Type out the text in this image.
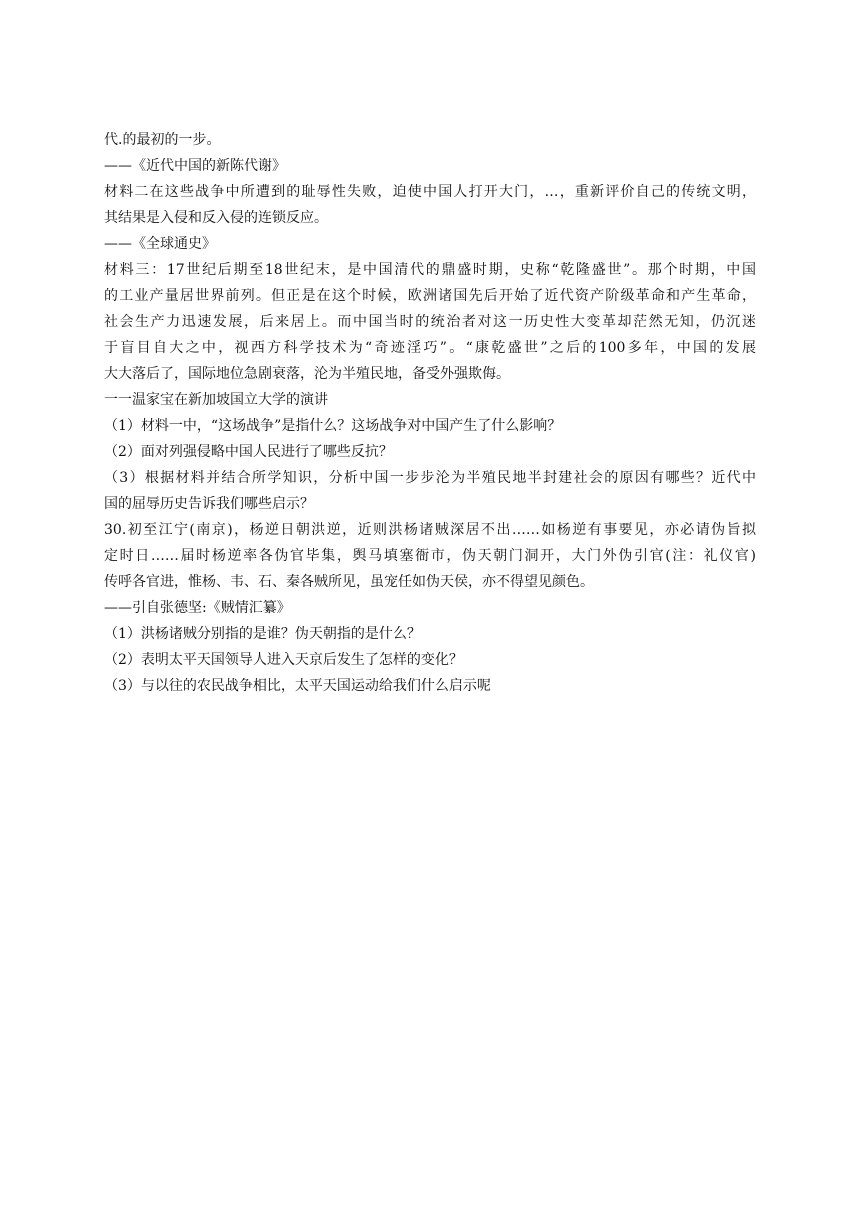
代.的最初的一步。
——《近代中国的新陈代谢》
材料二在这些战争中所遭到的耻辱性失败，迫使中国人打开大门，…，重新评价自己的传统文明，
其结果是入侵和反入侵的连锁反应。
——《全球通史》
材料三：17世纪后期至18世纪末，是中国清代的鼎盛时期，史称“乾隆盛世”。那个时期，中国
的工业产量居世界前列。但正是在这个时候，欧洲诸国先后开始了近代资产阶级革命和产生革命，
社会生产力迅速发展，后来居上。而中国当时的统治者对这一历史性大变革却茫然无知，仍沉迷
于盲目自大之中，视西方科学技术为“奇迹淫巧”。“康乾盛世”之后的100多年，中国的发展
大大落后了，国际地位急剧衰落，沦为半殖民地，备受外强欺侮。
一一温家宝在新加坡国立大学的演讲
（1）材料一中，“这场战争”是指什么？这场战争对中国产生了什么影响？
（2）面对列强侵略中国人民进行了哪些反抗？
（3）根据材料并结合所学知识，分析中国一步步沦为半殖民地半封建社会的原因有哪些？近代中
国的屈辱历史告诉我们哪些启示？
30.初至江宁(南京)，杨逆日朝洪逆，近则洪杨诸贼深居不出……如杨逆有事要见，亦必请伪旨拟
定时日……届时杨逆率各伪官毕集，舆马填塞衙市，伪天朝门洞开，大门外伪引官(注：礼仪官)
传呼各官进，惟杨、韦、石、秦各贼所见，虽宠任如伪天侯，亦不得望见颜色。
——引自张德坚:《贼情汇纂》
（1）洪杨诸贼分别指的是谁？伪天朝指的是什么？
（2）表明太平天国领导人进入天京后发生了怎样的变化？
（3）与以往的农民战争相比，太平天国运动给我们什么启示呢
